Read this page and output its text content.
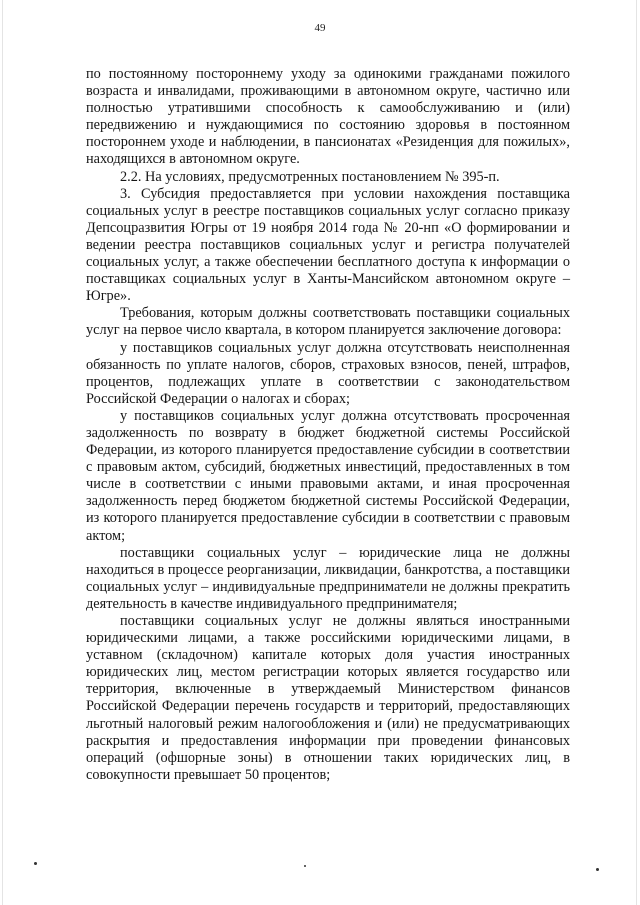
49

по постоянному постороннему уходу за одинокими гражданами пожилого возраста и инвалидами, проживающими в автономном округе, частично или полностью утратившими способность к самообслуживанию и (или) передвижению и нуждающимися по состоянию здоровья в постоянном постороннем уходе и наблюдении, в пансионатах «Резиденция для пожилых», находящихся в автономном округе.

2.2. На условиях, предусмотренных постановлением № 395-п.

3. Субсидия предоставляется при условии нахождения поставщика социальных услуг в реестре поставщиков социальных услуг согласно приказу Депсоцразвития Югры от 19 ноября 2014 года № 20-нп «О формировании и ведении реестра поставщиков социальных услуг и регистра получателей социальных услуг, а также обеспечении бесплатного доступа к информации о поставщиках социальных услуг в Ханты-Мансийском автономном округе – Югре».

Требования, которым должны соответствовать поставщики социальных услуг на первое число квартала, в котором планируется заключение договора:

у поставщиков социальных услуг должна отсутствовать неисполненная обязанность по уплате налогов, сборов, страховых взносов, пеней, штрафов, процентов, подлежащих уплате в соответствии с законодательством Российской Федерации о налогах и сборах;

у поставщиков социальных услуг должна отсутствовать просроченная задолженность по возврату в бюджет бюджетной системы Российской Федерации, из которого планируется предоставление субсидии в соответствии с правовым актом, субсидий, бюджетных инвестиций, предоставленных в том числе в соответствии с иными правовыми актами, и иная просроченная задолженность перед бюджетом бюджетной системы Российской Федерации, из которого планируется предоставление субсидии в соответствии с правовым актом;

поставщики социальных услуг – юридические лица не должны находиться в процессе реорганизации, ликвидации, банкротства, а поставщики социальных услуг – индивидуальные предприниматели не должны прекратить деятельность в качестве индивидуального предпринимателя;

поставщики социальных услуг не должны являться иностранными юридическими лицами, а также российскими юридическими лицами, в уставном (складочном) капитале которых доля участия иностранных юридических лиц, местом регистрации которых является государство или территория, включенные в утверждаемый Министерством финансов Российской Федерации перечень государств и территорий, предоставляющих льготный налоговый режим налогообложения и (или) не предусматривающих раскрытия и предоставления информации при проведении финансовых операций (офшорные зоны) в отношении таких юридических лиц, в совокупности превышает 50 процентов;
